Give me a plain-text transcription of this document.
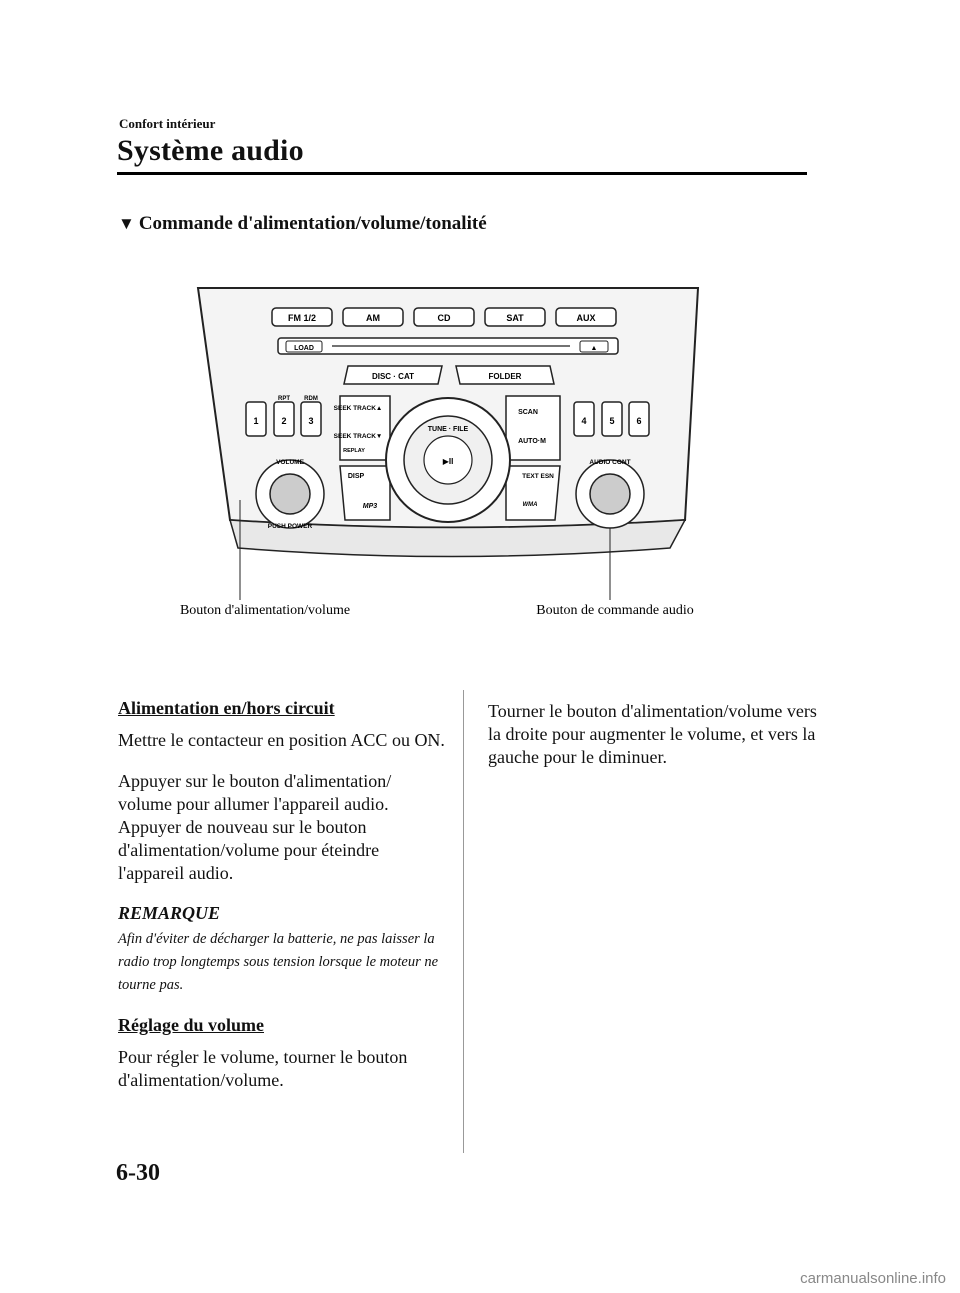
Confort intérieur
Système audio
▼ Commande d'alimentation/volume/tonalité
FM 1/2	AM	CD	SAT	AUX
LOAD	▲
DISC · CAT	FOLDER
RPT RDM
1	2 3	4	5 6
SEEK TRACK▲
SEEK TRACK▼
REPLAY
SCAN
AUTO·M
DISP
MP3
TEXT ESN
WMA
TUNE · FILE
▶II
VOLUME
PUSH POWER
AUDIO CONT
Bouton d'alimentation/volume	Bouton de commande audio
Alimentation en/hors circuit
Mettre le contacteur en position ACC ou ON.
Appuyer sur le bouton d'alimentation/ volume pour allumer l'appareil audio. Appuyer de nouveau sur le bouton d'alimentation/volume pour éteindre l'appareil audio.
REMARQUE
Afin d'éviter de décharger la batterie, ne pas laisser la radio trop longtemps sous tension lorsque le moteur ne tourne pas.
Réglage du volume
Pour régler le volume, tourner le bouton d'alimentation/volume.
Tourner le bouton d'alimentation/volume vers la droite pour augmenter le volume, et vers la gauche pour le diminuer.
6-30
carmanualsonline.info
